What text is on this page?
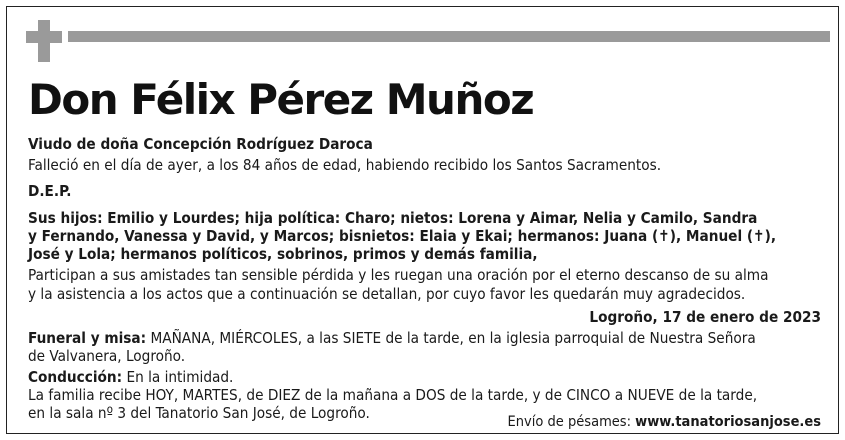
Don Félix Pérez Muñoz
Viudo de doña Concepción Rodríguez Daroca
Falleció en el día de ayer, a los 84 años de edad, habiendo recibido los Santos Sacramentos.
D.E.P.
Sus hijos: Emilio y Lourdes; hija política: Charo; nietos: Lorena y Aimar, Nelia y Camilo, Sandra
y Fernando, Vanessa y David, y Marcos; bisnietos: Elaia y Ekai; hermanos: Juana (✝), Manuel (✝),
José y Lola; hermanos políticos, sobrinos, primos y demás familia,
Participan a sus amistades tan sensible pérdida y les ruegan una oración por el eterno descanso de su alma
y la asistencia a los actos que a continuación se detallan, por cuyo favor les quedarán muy agradecidos.
Logroño, 17 de enero de 2023
Funeral y misa: MAÑANA, MIÉRCOLES, a las SIETE de la tarde, en la iglesia parroquial de Nuestra Señora
de Valvanera, Logroño.
Conducción: En la intimidad.
La familia recibe HOY, MARTES, de DIEZ de la mañana a DOS de la tarde, y de CINCO a NUEVE de la tarde,
en la sala nº 3 del Tanatorio San José, de Logroño.	Envío de pésames: www.tanatoriosanjose.es
